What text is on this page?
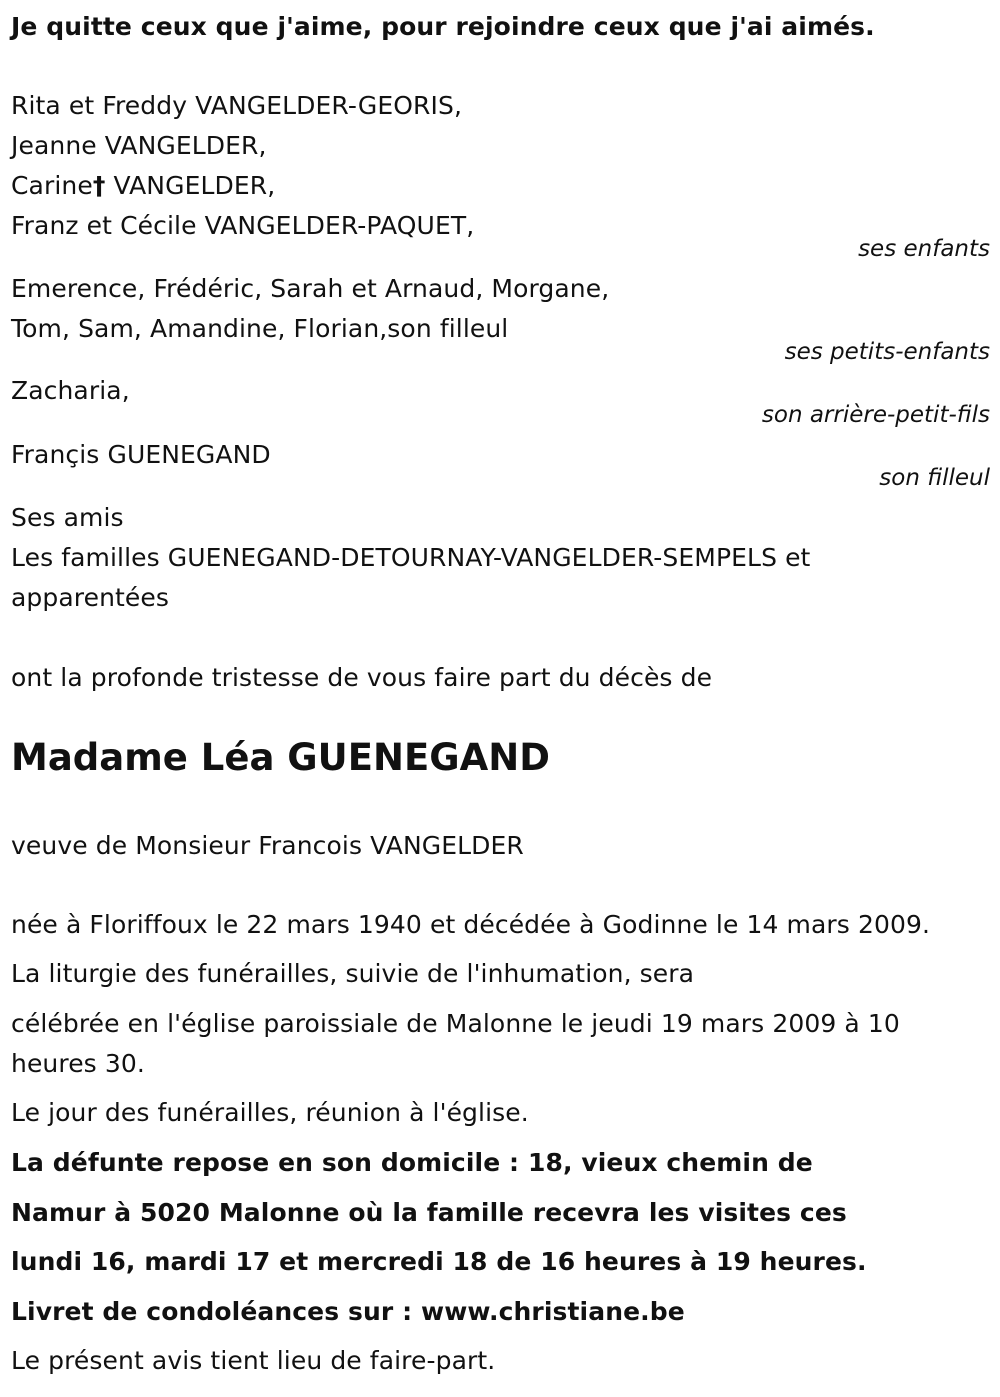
Je quitte ceux que j'aime, pour rejoindre ceux que j'ai aimés.
Rita et Freddy VANGELDER-GEORIS,
Jeanne VANGELDER,
Carine† VANGELDER,
Franz et Cécile VANGELDER-PAQUET,
ses enfants
Emerence, Frédéric, Sarah et Arnaud, Morgane,
Tom, Sam, Amandine, Florian,son filleul
ses petits-enfants
Zacharia,
son arrière-petit-fils
Françis GUENEGAND
son filleul
Ses amis
Les familles GUENEGAND-DETOURNAY-VANGELDER-SEMPELS et
apparentées
ont la profonde tristesse de vous faire part du décès de
Madame Léa GUENEGAND
veuve de Monsieur Francois VANGELDER
née à Floriffoux le 22 mars 1940 et décédée à Godinne le 14 mars 2009.
La liturgie des funérailles, suivie de l'inhumation, sera
célébrée en l'église paroissiale de Malonne le jeudi 19 mars 2009 à 10
heures 30.
Le jour des funérailles, réunion à l'église.
La défunte repose en son domicile : 18, vieux chemin de
Namur à 5020 Malonne où la famille recevra les visites ces
lundi 16, mardi 17 et mercredi 18 de 16 heures à 19 heures.
Livret de condoléances sur : www.christiane.be
Le présent avis tient lieu de faire-part.
